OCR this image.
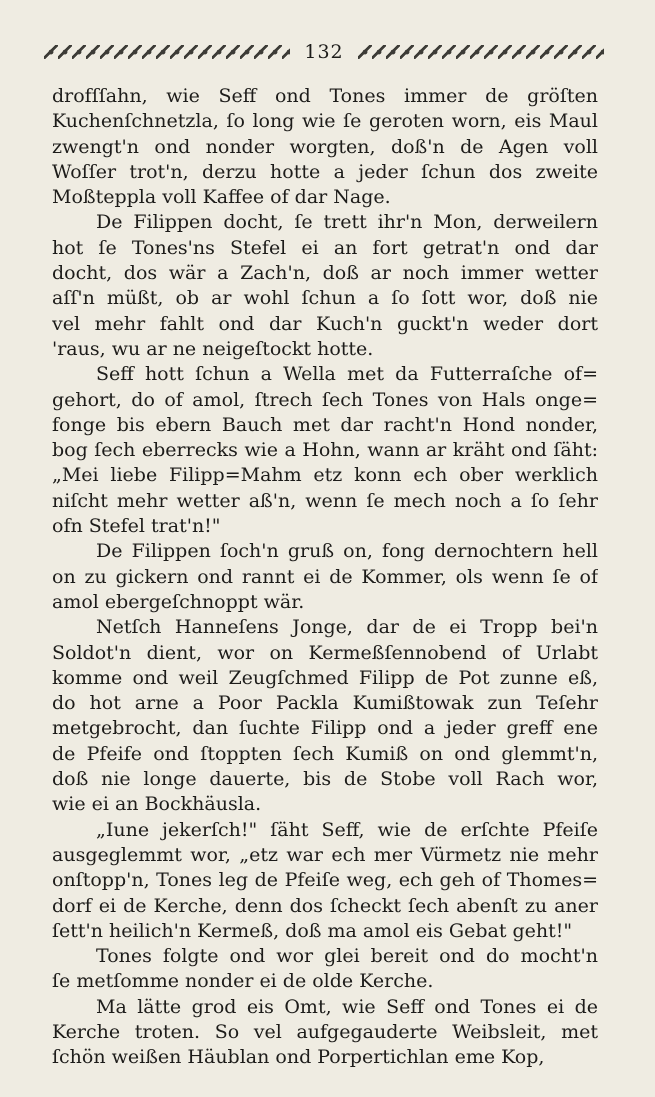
132
drofſſahn, wie Seff ond Tones immer de gröſten
Kuchenſchnetzla, ſo long wie ſe geroten worn, eis Maul
zwengt'n ond nonder worgten, doß'n de Agen voll
Woſſer trot'n, derzu hotte a jeder ſchun dos zweite
Moßteppla voll Kaffee of dar Nage.
De Filippen docht, ſe trett ihr'n Mon, derweilern
hot ſe Tones'ns Stefel ei an fort getrat'n ond dar
docht, dos wär a Zach'n, doß ar noch immer wetter
aſſ'n müßt, ob ar wohl ſchun a ſo ſott wor, doß nie
vel mehr fahlt ond dar Kuch'n guckt'n weder dort
'raus, wu ar ne neigeſtockt hotte.
Seff hott ſchun a Wella met da Futterraſche of=
gehort, do of amol, ſtrech ſech Tones von Hals onge=
fonge bis ebern Bauch met dar racht'n Hond nonder,
bog ſech eberrecks wie a Hohn, wann ar kräht ond ſäht:
„Mei liebe Filipp=Mahm etz konn ech ober werklich
niſcht mehr wetter aß'n, wenn ſe mech noch a ſo ſehr
ofn Stefel trat'n!"
De Filippen ſoch'n gruß on, fong dernochtern hell
on zu gickern ond rannt ei de Kommer, ols wenn ſe of
amol ebergeſchnoppt wär.
Netſch Hanneſens Jonge, dar de ei Tropp bei'n
Soldot'n dient, wor on Kermeßſennobend of Urlabt
komme ond weil Zeugſchmed Filipp de Pot zunne eß,
do hot arne a Poor Packla Kumißtowak zun Teſehr
metgebrocht, dan ſuchte Filipp ond a jeder greff ene
de Pfeife ond ſtoppten ſech Kumiß on ond glemmt'n,
doß nie longe dauerte, bis de Stobe voll Rach wor,
wie ei an Bockhäusla.
„Iune jekerſch!" ſäht Seff, wie de erſchte Pfeiſe
ausgeglemmt wor, „etz war ech mer Vürmetz nie mehr
onſtopp'n, Tones leg de Pfeiſe weg, ech geh of Thomes=
dorf ei de Kerche, denn dos ſcheckt ſech abenſt zu aner
ſett'n heilich'n Kermeß, doß ma amol eis Gebat geht!"
Tones folgte ond wor glei bereit ond do mocht'n
ſe metſomme nonder ei de olde Kerche.
Ma lätte grod eis Omt, wie Seff ond Tones ei de
Kerche troten. So vel aufgegauderte Weibsleit, met
ſchön weißen Häublan ond Porpertichlan eme Kop,
